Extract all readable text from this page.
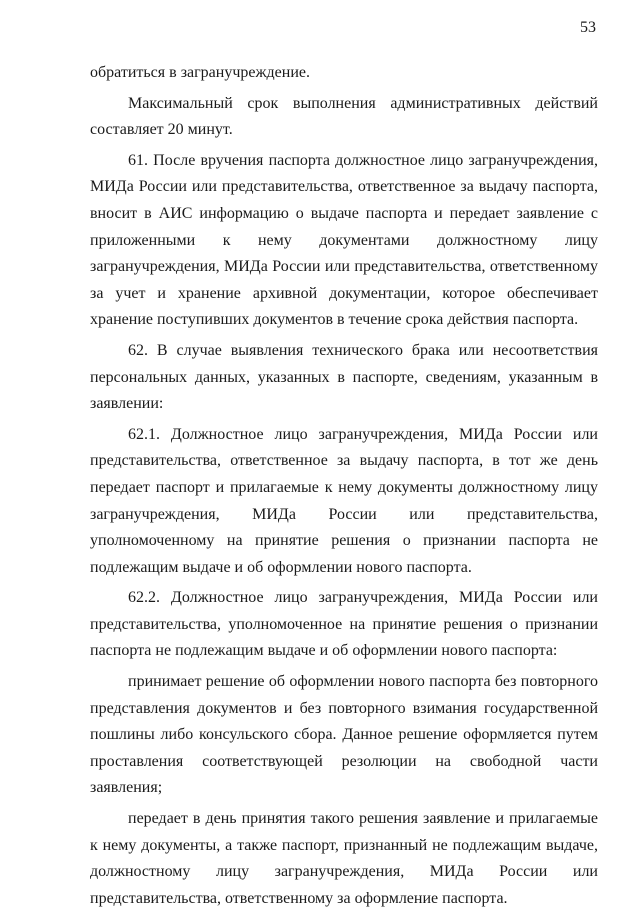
53

обратиться в загранучреждение.

Максимальный срок выполнения административных действий составляет 20 минут.

61. После вручения паспорта должностное лицо загранучреждения, МИДа России или представительства, ответственное за выдачу паспорта, вносит в АИС информацию о выдаче паспорта и передает заявление с приложенными к нему документами должностному лицу загранучреждения, МИДа России или представительства, ответственному за учет и хранение архивной документации, которое обеспечивает хранение поступивших документов в течение срока действия паспорта.

62. В случае выявления технического брака или несоответствия персональных данных, указанных в паспорте, сведениям, указанным в заявлении:

62.1. Должностное лицо загранучреждения, МИДа России или представительства, ответственное за выдачу паспорта, в тот же день передает паспорт и прилагаемые к нему документы должностному лицу загранучреждения, МИДа России или представительства, уполномоченному на принятие решения о признании паспорта не подлежащим выдаче и об оформлении нового паспорта.

62.2. Должностное лицо загранучреждения, МИДа России или представительства, уполномоченное на принятие решения о признании паспорта не подлежащим выдаче и об оформлении нового паспорта:

принимает решение об оформлении нового паспорта без повторного представления документов и без повторного взимания государственной пошлины либо консульского сбора. Данное решение оформляется путем проставления соответствующей резолюции на свободной части заявления;

передает в день принятия такого решения заявление и прилагаемые к нему документы, а также паспорт, признанный не подлежащим выдаче, должностному лицу загранучреждения, МИДа России или представительства, ответственному за оформление паспорта.
